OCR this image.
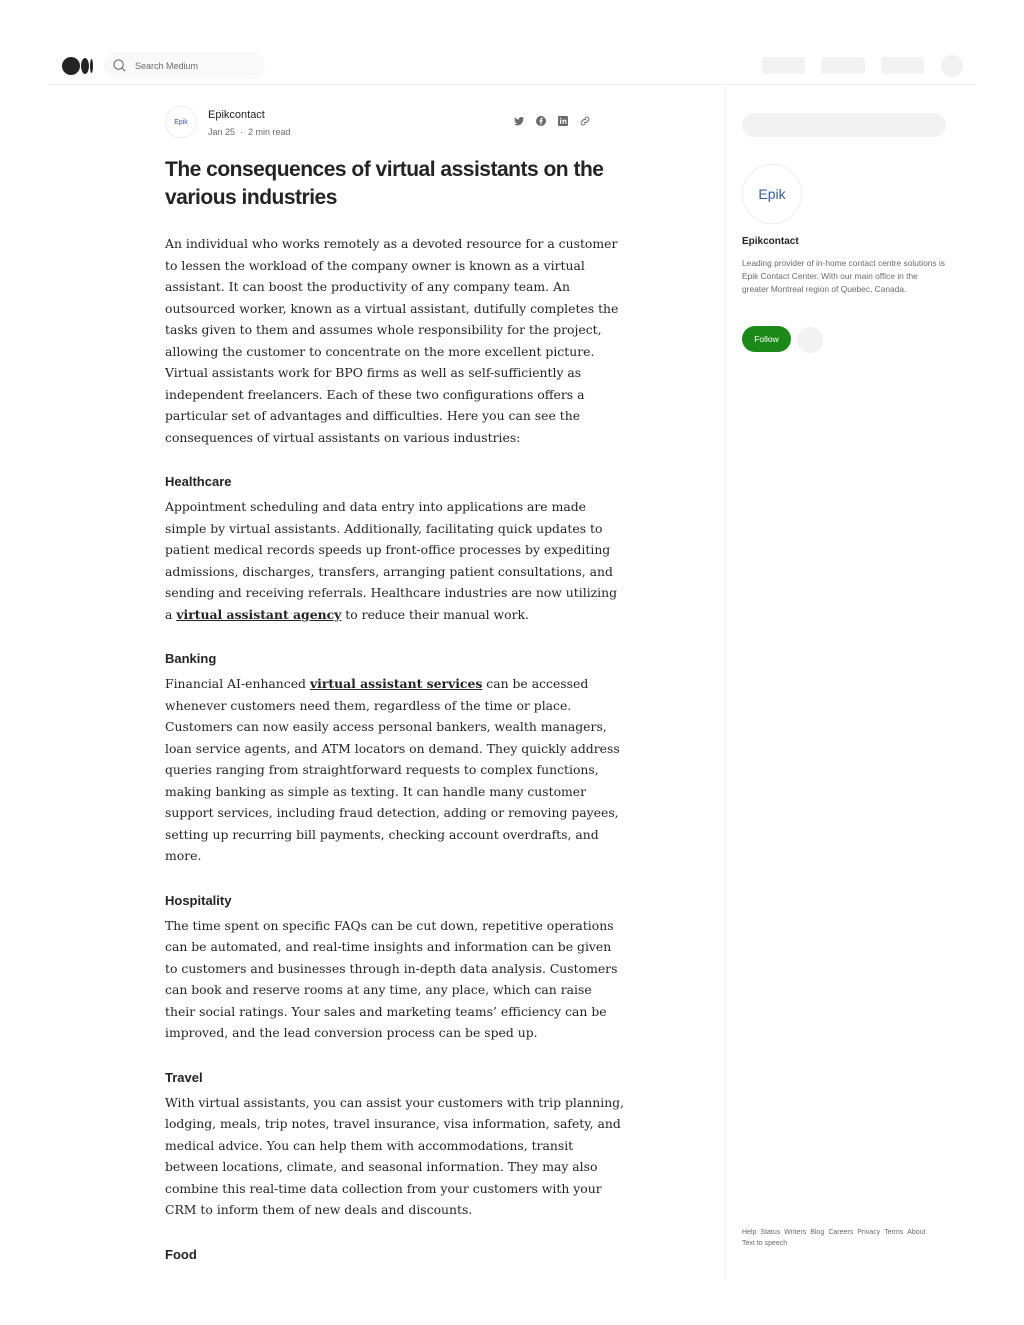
Search Medium
Epik
Epikcontact
Jan 25 · 2 min read
The consequences of virtual assistants on the various industries

An individual who works remotely as a devoted resource for a customer to lessen the workload of the company owner is known as a virtual assistant. It can boost the productivity of any company team. An outsourced worker, known as a virtual assistant, dutifully completes the tasks given to them and assumes whole responsibility for the project, allowing the customer to concentrate on the more excellent picture. Virtual assistants work for BPO firms as well as self-sufficiently as independent freelancers. Each of these two configurations offers a particular set of advantages and difficulties. Here you can see the consequences of virtual assistants on various industries:

Healthcare

Appointment scheduling and data entry into applications are made simple by virtual assistants. Additionally, facilitating quick updates to patient medical records speeds up front-office processes by expediting admissions, discharges, transfers, arranging patient consultations, and sending and receiving referrals. Healthcare industries are now utilizing a virtual assistant agency to reduce their manual work.

Banking

Financial AI-enhanced virtual assistant services can be accessed whenever customers need them, regardless of the time or place. Customers can now easily access personal bankers, wealth managers, loan service agents, and ATM locators on demand. They quickly address queries ranging from straightforward requests to complex functions, making banking as simple as texting. It can handle many customer support services, including fraud detection, adding or removing payees, setting up recurring bill payments, checking account overdrafts, and more.

Hospitality

The time spent on specific FAQs can be cut down, repetitive operations can be automated, and real-time insights and information can be given to customers and businesses through in-depth data analysis. Customers can book and reserve rooms at any time, any place, which can raise their social ratings. Your sales and marketing teams’ efficiency can be improved, and the lead conversion process can be sped up.

Travel

With virtual assistants, you can assist your customers with trip planning, lodging, meals, trip notes, travel insurance, visa information, safety, and medical advice. You can help them with accommodations, transit between locations, climate, and seasonal information. They may also combine this real-time data collection from your customers with your CRM to inform them of new deals and discounts.

Food
Epik
Epikcontact
Leading provider of in-home contact centre solutions is Epik Contact Center. With our main office in the greater Montreal region of Quebec, Canada.
Follow
Help Status Writers Blog Careers Privacy Terms About
Text to speech
